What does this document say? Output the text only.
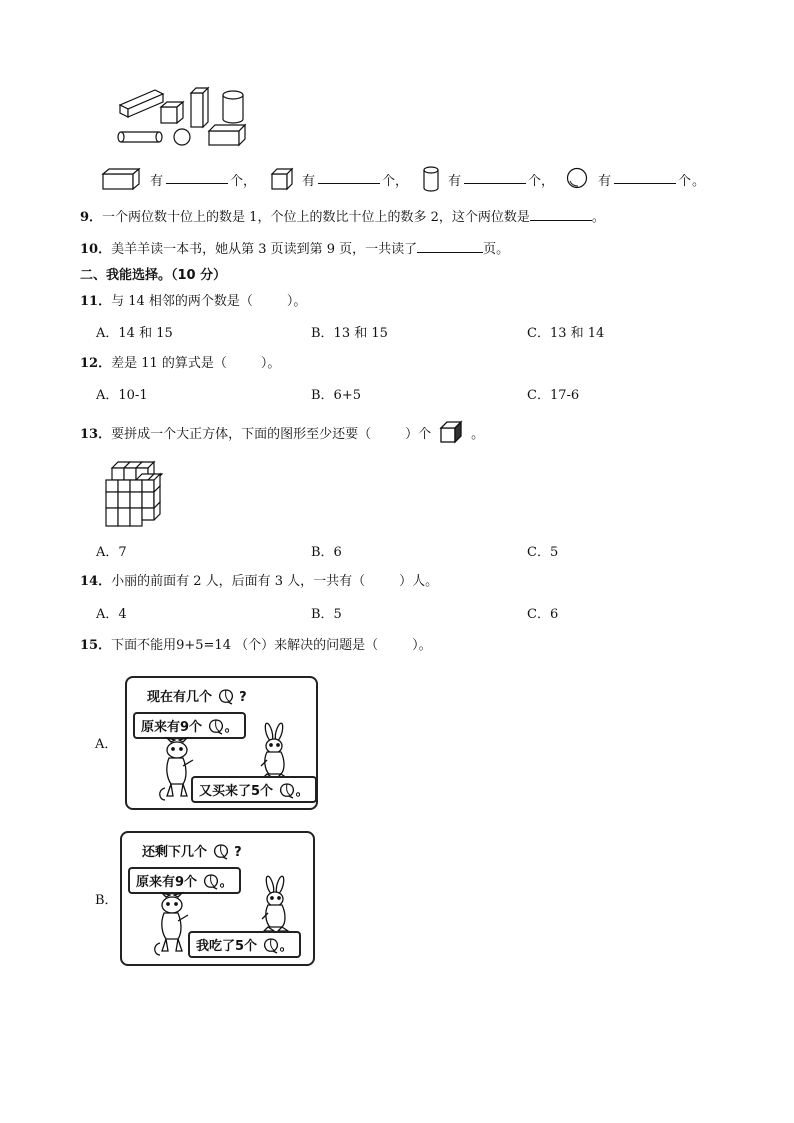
有	个 ，	有	个 ，	有	个 ，	有	个 。
9．一个两位数十位上的数是 1，个位上的数比十位上的数多 2，这个两位数是	。
10．美羊羊读一本书，她从第 3 页读到第 9 页，一共读了	页。
二、我能选择。（10 分）
11．与 14 相邻的两个数是（	）。
A．14 和 15	B．13 和 15	C．13 和 14
12．差是 11 的算式是（	）。
A．10-1	B．6+5	C．17-6
13．要拼成一个大正方体，下面的图形至少还要（	）个	。
A．7	B．6	C．5
14．小丽的前面有 2 人，后面有 3 人，一共有（	）人。
A．4	B．5	C．6
15．下面不能用9+5=14 （个）来解决的问题是（	）。
A．
现在有几个 ?
原来有9个 。
又买来了5个 。
B．
还剩下几个 ?
原来有9个 。
我吃了5个 。
